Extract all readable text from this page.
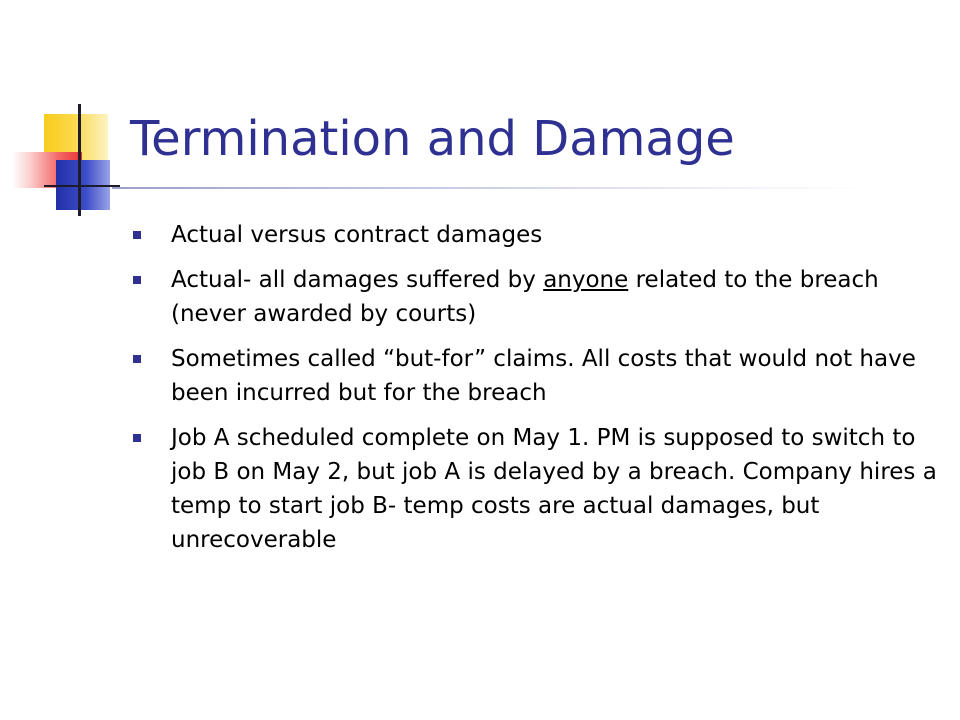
Termination and Damage
Actual versus contract damages
Actual- all damages suffered by anyone related to the breach (never awarded by courts)
Sometimes called “but-for” claims. All costs that would not have been incurred but for the breach
Job A scheduled complete on May 1. PM is supposed to switch to job B on May 2, but job A is delayed by a breach. Company hires a temp to start job B- temp costs are actual damages, but unrecoverable
